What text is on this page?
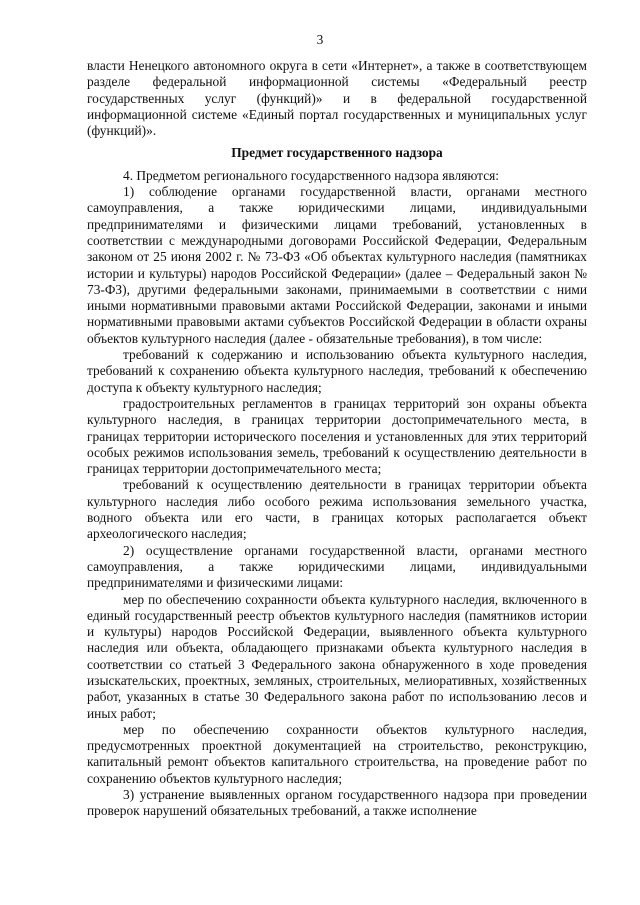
3

власти Ненецкого автономного округа в сети «Интернет», а также в соответствующем разделе федеральной информационной системы «Федеральный реестр государственных услуг (функций)» и в федеральной государственной информационной системе «Единый портал государственных и муниципальных услуг (функций)».

Предмет государственного надзора

4. Предметом регионального государственного надзора являются:

1) соблюдение органами государственной власти, органами местного самоуправления, а также юридическими лицами, индивидуальными предпринимателями и физическими лицами требований, установленных в соответствии с международными договорами Российской Федерации, Федеральным законом от 25 июня 2002 г. № 73-ФЗ «Об объектах культурного наследия (памятниках истории и культуры) народов Российской Федерации» (далее – Федеральный закон № 73-ФЗ), другими федеральными законами, принимаемыми в соответствии с ними иными нормативными правовыми актами Российской Федерации, законами и иными нормативными правовыми актами субъектов Российской Федерации в области охраны объектов культурного наследия (далее - обязательные требования), в том числе:

требований к содержанию и использованию объекта культурного наследия, требований к сохранению объекта культурного наследия, требований к обеспечению доступа к объекту культурного наследия;

градостроительных регламентов в границах территорий зон охраны объекта культурного наследия, в границах территории достопримечательного места, в границах территории исторического поселения и установленных для этих территорий особых режимов использования земель, требований к осуществлению деятельности в границах территории достопримечательного места;

требований к осуществлению деятельности в границах территории объекта культурного наследия либо особого режима использования земельного участка, водного объекта или его части, в границах которых располагается объект археологического наследия;

2) осуществление органами государственной власти, органами местного самоуправления, а также юридическими лицами, индивидуальными предпринимателями и физическими лицами:

мер по обеспечению сохранности объекта культурного наследия, включенного в единый государственный реестр объектов культурного наследия (памятников истории и культуры) народов Российской Федерации, выявленного объекта культурного наследия или объекта, обладающего признаками объекта культурного наследия в соответствии со статьей 3 Федерального закона обнаруженного в ходе проведения изыскательских, проектных, земляных, строительных, мелиоративных, хозяйственных работ, указанных в статье 30 Федерального закона работ по использованию лесов и иных работ;

мер по обеспечению сохранности объектов культурного наследия, предусмотренных проектной документацией на строительство, реконструкцию, капитальный ремонт объектов капитального строительства, на проведение работ по сохранению объектов культурного наследия;

3) устранение выявленных органом государственного надзора при проведении проверок нарушений обязательных требований, а также исполнение
